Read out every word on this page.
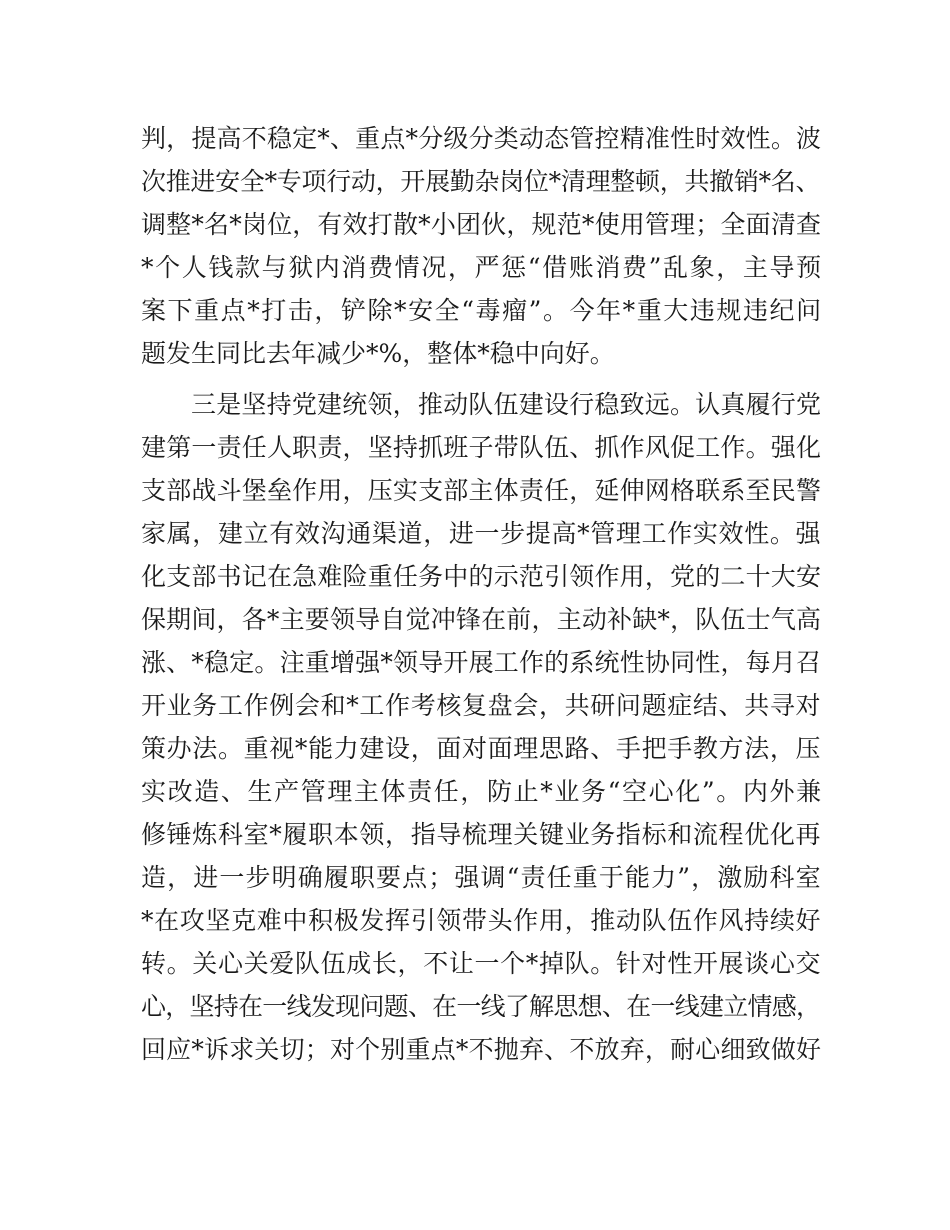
判，提高不稳定*、重点*分级分类动态管控精准性时效性。波
次推进安全*专项行动，开展勤杂岗位*清理整顿，共撤销*名、
调整*名*岗位，有效打散*小团伙，规范*使用管理；全面清查
*个人钱款与狱内消费情况，严惩“借账消费”乱象，主导预
案下重点*打击，铲除*安全“毒瘤”。今年*重大违规违纪问
题发生同比去年减少*%，整体*稳中向好。
三是坚持党建统领，推动队伍建设行稳致远。认真履行党
建第一责任人职责，坚持抓班子带队伍、抓作风促工作。强化
支部战斗堡垒作用，压实支部主体责任，延伸网格联系至民警
家属，建立有效沟通渠道，进一步提高*管理工作实效性。强
化支部书记在急难险重任务中的示范引领作用，党的二十大安
保期间，各*主要领导自觉冲锋在前，主动补缺*，队伍士气高
涨、*稳定。注重增强*领导开展工作的系统性协同性，每月召
开业务工作例会和*工作考核复盘会，共研问题症结、共寻对
策办法。重视*能力建设，面对面理思路、手把手教方法，压
实改造、生产管理主体责任，防止*业务“空心化”。内外兼
修锤炼科室*履职本领，指导梳理关键业务指标和流程优化再
造，进一步明确履职要点；强调“责任重于能力”，激励科室
*在攻坚克难中积极发挥引领带头作用，推动队伍作风持续好
转。关心关爱队伍成长，不让一个*掉队。针对性开展谈心交
心，坚持在一线发现问题、在一线了解思想、在一线建立情感，
回应*诉求关切；对个别重点*不抛弃、不放弃，耐心细致做好
